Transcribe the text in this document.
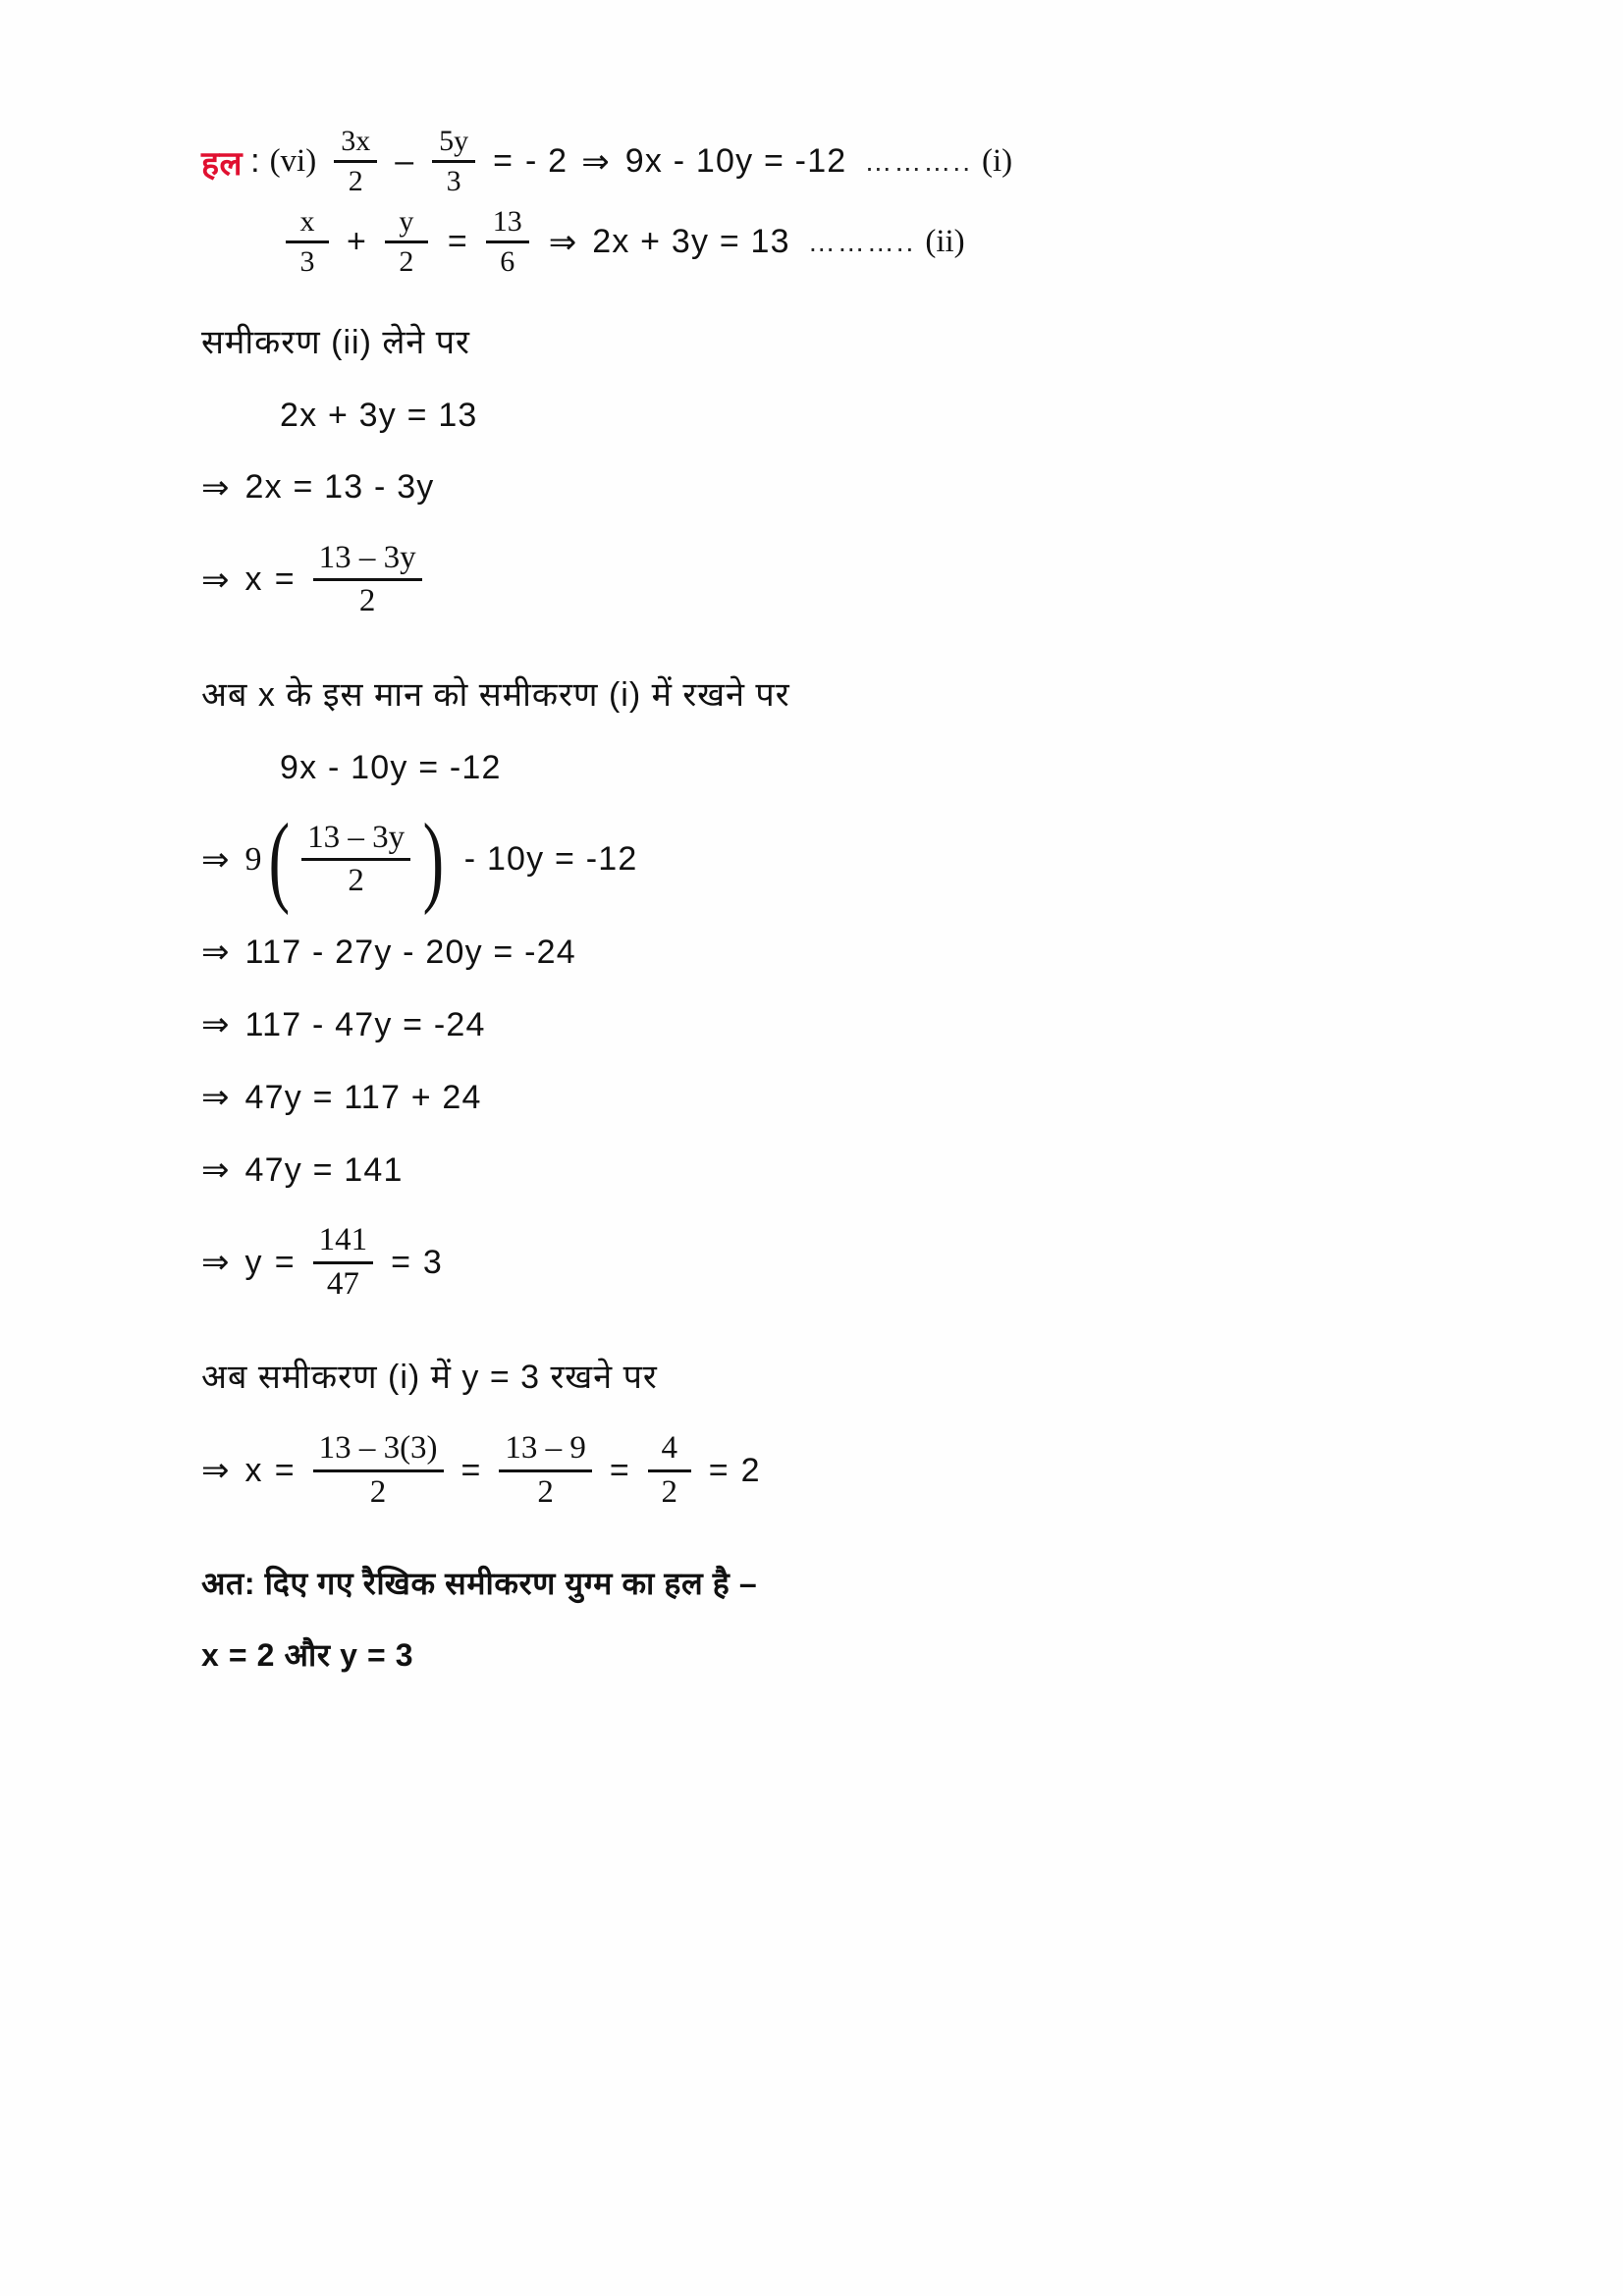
हल : $(vi) \frac{3x}{2} - \frac{5y}{3}$ = - 2 ⇒ 9x - 10y = -12 ……….. (i)
$\frac{x}{3} + \frac{y}{2} = \frac{13}{6}$ ⇒ 2x + 3y = 13 ……….. (ii)
समीकरण (ii) लेने पर
2x + 3y = 13
⇒ 2x = 13 - 3y
⇒ $x = \frac{13 - 3y}{2}$
अब x के इस मान को समीकरण (i) में रखने पर
9x - 10y = -12
⇒ 9 ( $\frac{13 - 3y}{2}$ ) - 10y = -12
⇒ 117 - 27y - 20y = -24
⇒ 117 - 47y = -24
⇒ 47y = 117 + 24
⇒ 47y = 141
⇒ $y = \frac{141}{47} = 3$
अब समीकरण (i) में y = 3 रखने पर
⇒ $x = \frac{13 - 3(3)}{2} = \frac{13 - 9}{2} = \frac{4}{2} = 2$
अत: दिए गए रैखिक समीकरण युग्म का हल है –
x = 2 और y = 3
